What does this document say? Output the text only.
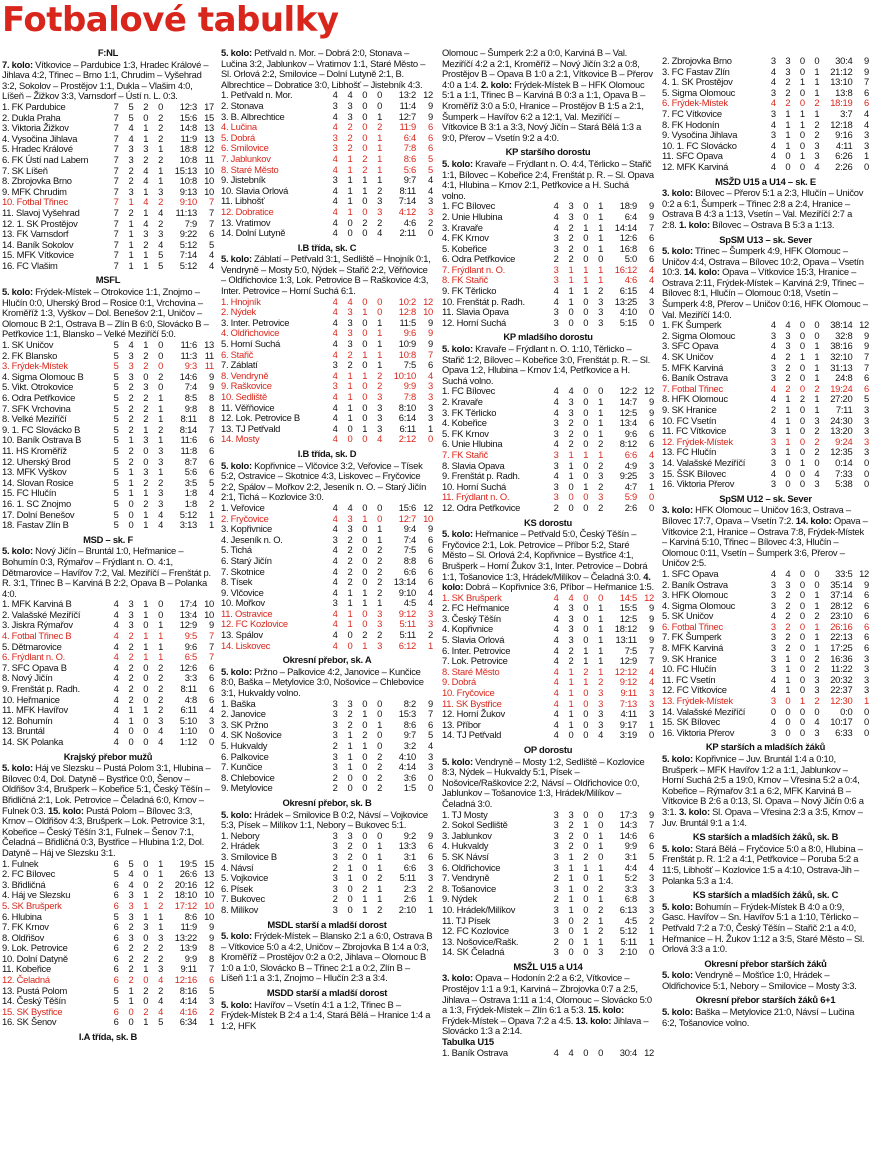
Fotbalové tabulky
F:NL
7. kolo: Vítkovice – Pardubice 1:3, Hradec Králové – Jihlava 4:2, Třinec – Brno 1:1, Chrudim – Vyšehrad 3:2, Sokolov – Prostějov 1:1, Dukla – Vlašim 4:0, Líšeň – Žižkov 3:3, Varnsdorf – Ústí n. L. 0:3.
1. FK Pardubice	7	5	2	0	12:3	17
2. Dukla Praha	7	5	0	2	15:6	15
3. Viktoria Žižkov	7	4	1	2	14:8	13
4. Vysočina Jihlava	7	4	1	2	11:9	13
5. Hradec Králové	7	3	3	1	18:8	12
6. FK Ústí nad Labem	7	3	2	2	10:8	11
7. SK Líšeň	7	2	4	1	15:13	10
8. Zbrojovka Brno	7	2	4	1	10:8	10
9. MFK Chrudim	7	3	1	3	9:13	10
10. Fotbal Třinec	7	1	4	2	9:10	7
11. Slavoj Vyšehrad	7	2	1	4	11:13	7
12. 1. SK Prostějov	7	1	4	2	7:9	7
13. FK Varnsdorf	7	1	3	3	9:22	6
14. Baník Sokolov	7	1	2	4	5:12	5
15. MFK Vítkovice	7	1	1	5	7:14	4
16. FC Vlašim	7	1	1	5	5:12	4
MSFL
5. kolo: Frýdek-Místek – Otrokovice 1:1, Znojmo – Hlučín 0:0, Uherský Brod – Rosice 0:1, Vrchovina – Kroměříž 1:3, Vyškov – Dol. Benešov 2:1, Uničov – Olomouc B 2:1, Ostrava B – Zlín B 6:0, Slovácko B – Petřkovice 1:1, Blansko – Velké Meziříčí 5:0.
1. SK Uničov	5	4	1	0	11:6	13
2. FK Blansko	5	3	2	0	11:3	11
3. Frýdek-Místek	5	3	2	0	9:3	11
4. Sigma Olomouc B	5	3	0	2	14:6	9
5. Vikt. Otrokovice	5	2	3	0	7:4	9
6. Odra Petřkovice	5	2	2	1	8:5	8
7. SFK Vrchovina	5	2	2	1	9:8	8
8. Velké Meziříčí	5	2	2	1	8:11	8
9. 1. FC Slovácko B	5	2	1	2	8:14	7
10. Baník Ostrava B	5	1	3	1	11:6	6
11. HS Kroměříž	5	2	0	3	11:8	6
12. Uherský Brod	5	2	0	3	8:7	6
13. MFK Vyškov	5	1	3	1	5:6	6
14. Slovan Rosice	5	1	2	2	3:5	5
15. FC Hlučín	5	1	1	3	1:8	4
16. 1. SC Znojmo	5	0	2	3	1:8	2
17. Dolní Benešov	5	0	1	4	5:12	1
18. Fastav Zlín B	5	0	1	4	3:13	1
MSD – sk. F
5. kolo: Nový Jičín – Bruntál 1:0, Heřmanice – Bohumín 0:3, Rýmařov – Frýdlant n. O. 4:1, Dětmarovice – Havířov 7:2, Val. Meziříčí – Frenštát p. R. 3:1, Třinec B – Karviná B 2:2, Opava B – Polanka 4:0.
1. MFK Karviná B	4	3	1	0	17:4	10
2. Valašské Meziříčí	4	3	1	0	13:4	10
3. Jiskra Rýmařov	4	3	0	1	12:9	9
4. Fotbal Třinec B	4	2	1	1	9:5	7
5. Dětmarovice	4	2	1	1	9:6	7
6. Frýdlant n. O.	4	2	1	1	6:5	7
7. SFC Opava B	4	2	0	2	12:6	6
8. Nový Jičín	4	2	0	2	3:3	6
9. Frenštát p. Radh.	4	2	0	2	8:11	6
10. Heřmanice	4	2	0	2	4:8	6
11. MFK Havířov	4	1	1	2	6:11	4
12. Bohumín	4	1	0	3	5:10	3
13. Bruntál	4	0	0	4	1:10	0
14. SK Polanka	4	0	0	4	1:12	0
Krajský přebor mužů
5. kolo: Háj ve Slezsku – Pustá Polom 3:1, Hlubina – Bílovec 0:4, Dol. Datyně – Bystřice 0:0, Šenov – Oldřišov 3:4, Brušperk – Kobeřice 5:1, Český Těšín – Břidličná 2:1, Lok. Petrovice – Čeladná 6:0, Krnov – Fulnek 0:3. 15. kolo: Pustá Polom – Bílovec 3:3, Krnov – Oldřišov 4:3, Brušperk – Lok. Petrovice 3:1, Kobeřice – Český Těšín 3:1, Fulnek – Šenov 7:1, Čeladná – Břidličná 0:3, Bystřice – Hlubina 1:2, Dol. Datyně – Háj ve Slezsku 3:1.
1. Fulnek	6	5	0	1	19:5	15
2. FC Bílovec	5	4	0	1	26:6	13
3. Břidličná	6	4	0	2	20:16	12
4. Háj ve Slezsku	6	3	1	2	18:10	10
5. SK Brušperk	6	3	1	2	17:12	10
6. Hlubina	5	3	1	1	8:6	10
7. FK Krnov	6	2	3	1	11:9	9
8. Oldřišov	6	3	0	3	13:22	9
9. Lok. Petrovice	6	2	2	2	13:9	8
10. Dolní Datyně	6	2	2	2	9:9	8
11. Kobeřice	6	2	1	3	9:11	7
12. Čeladná	6	2	0	4	12:16	6
13. Pustá Polom	5	1	2	2	8:16	5
14. Český Těšín	5	1	0	4	4:14	3
15. SK Bystřice	6	0	2	4	4:16	2
16. SK Šenov	6	0	1	5	6:34	1
I.A třída, sk. B
5. kolo: Petřvald n. Mor. – Dobrá 2:0, Stonava – Lučina 3:2, Jablunkov – Vratimov 1:1, Staré Město – Sl. Orlová 2:2, Smilovice – Dolní Lutyně 2:1, B. Albrechtice – Dobratice 3:0, Libhošť – Jistebník 4:3.
1. Petřvald n. Mor.	4	4	0	0	13:2	12
2. Stonava	3	3	0	0	11:4	9
3. B. Albrechtice	4	3	0	1	12:7	9
4. Lučina	4	2	0	2	11:9	6
5. Dobrá	3	2	0	1	6:4	6
6. Smilovice	3	2	0	1	7:8	6
7. Jablunkov	4	1	2	1	8:6	5
8. Staré Město	4	1	2	1	5:6	5
9. Jistebník	3	1	1	1	9:7	4
10. Slavia Orlová	4	1	1	2	8:11	4
11. Libhošť	4	1	0	3	7:14	3
12. Dobratice	4	1	0	3	4:12	3
13. Vratimov	4	0	2	2	4:6	2
14. Dolní Lutyně	4	0	0	4	2:11	0
I.B třída, sk. C
5. kolo: Záblatí – Petřvald 3:1, Sedliště – Hnojník 0:1, Vendryně – Mosty 5:0, Nýdek – Stařič 2:2, Věřňovice – Oldřichovice 1:3, Lok. Petrovice B – Raškovice 4:3, Inter. Petrovice – Horní Suchá 6:1.
1. Hnojník	4	4	0	0	10:2	12
2. Nýdek	4	3	1	0	12:8	10
3. Inter. Petrovice	4	3	0	1	11:5	9
4. Oldřichovice	4	3	0	1	9:6	9
5. Horní Suchá	4	3	0	1	10:9	9
6. Stařič	4	2	1	1	10:8	7
7. Záblatí	3	2	0	1	7:5	6
8. Vendryně	4	1	1	2	10:10	4
9. Raškovice	3	1	0	2	9:9	3
10. Sedliště	4	1	0	3	7:8	3
11. Věřňovice	4	1	0	3	8:10	3
12. Lok. Petrovice B	4	1	0	3	6:14	3
13. TJ Petřvald	4	0	1	3	6:11	1
14. Mosty	4	0	0	4	2:12	0
I.B třída, sk. D
5. kolo: Kopřivnice – Vlčovice 3:2, Veřovice – Tísek 5:2, Ostravice – Skotnice 4:3, Liskovec – Fryčovice 2:2, Spálov – Mořkov 2:2, Jeseník n. O. – Starý Jičín 2:1, Tichá – Kozlovice 3:0.
1. Veřovice	4	4	0	0	15:6	12
2. Fryčovice	4	3	1	0	12:7	10
3. Kopřivnice	4	3	0	1	9:4	9
4. Jeseník n. O.	3	2	0	1	7:4	6
5. Tichá	4	2	0	2	7:5	6
6. Starý Jičín	4	2	0	2	8:8	6
7. Skotnice	4	2	0	2	6:6	6
8. Tísek	4	2	0	2	13:14	6
9. Vlčovice	4	1	1	2	9:10	4
10. Mořkov	3	1	1	1	4:5	4
11. Ostravice	4	1	0	3	9:12	3
12. FC Kozlovice	4	1	0	3	5:11	3
13. Spálov	4	0	2	2	5:11	2
14. Liskovec	4	0	1	3	6:12	1
Okresní přebor, sk. A
5. kolo: Pržno – Palkovice 4:2, Janovice – Kunčice 8:0, Baška – Metylovice 3:0, Nošovice – Chlebovice 3:1, Hukvaldy volno.
1. Baška	3	3	0	0	8:2	9
2. Janovice	3	2	1	0	15:3	7
3. SK Pržno	3	2	0	1	8:6	6
4. SK Nošovice	3	1	2	0	9:7	5
5. Hukvaldy	2	1	1	0	3:2	4
6. Palkovice	3	1	0	2	4:10	3
7. Kunčice	3	1	0	2	4:14	3
8. Chlebovice	2	0	0	2	3:6	0
9. Metylovice	2	0	0	2	1:5	0
Okresní přebor, sk. B
5. kolo: Hrádek – Smilovice B 0:2, Návsí – Vojkovice 5:3, Písek – Milíkov 1:1, Nebory – Bukovec 5:1.
1. Nebory	3	3	0	0	9:2	9
2. Hrádek	3	2	0	1	13:3	6
3. Smilovice B	3	2	0	1	3:1	6
4. Návsí	2	1	0	1	6:6	3
5. Vojkovice	3	1	0	2	5:11	3
6. Písek	3	0	2	1	2:3	2
7. Bukovec	2	0	1	1	2:6	1
8. Milíkov	3	0	1	2	2:10	1
MSDL starší a mladší dorost
5. kolo: Frýdek-Místek – Blansko 2:1 a 6:0, Ostrava B – Vítkovice 5:0 a 4:2, Uničov – Zbrojovka B 1:4 a 0:3, Kroměříž – Prostějov 0:2 a 0:2, Jihlava – Olomouc B 1:0 a 1:0, Slovácko B – Třinec 2:1 a 0:2, Zlín B – Líšeň 1:1 a 3:1, Znojmo – Hlučín 2:3 a 3:4.
MSDD starší a mladší dorost
5. kolo: Havířov – Vsetín 4:1 a 1:2, Třinec B – Frýdek-Místek B 2:4 a 1:4, Stará Bělá – Hranice 1:4 a 1:2, HFK
Olomouc – Šumperk 2:2 a 0:0, Karviná B – Val. Meziříčí 4:2 a 2:1, Kroměříž – Nový Jičín 3:2 a 0:8, Prostějov B – Opava B 1:0 a 2:1, Vítkovice B – Přerov 4:0 a 1:4. 2. kolo: Frýdek-Místek B – HFK Olomouc 5:1 a 1:1, Třinec B – Karviná B 0:3 a 1:1, Opava B – Kroměříž 3:0 a 5:0, Hranice – Prostějov B 1:5 a 2:1, Šumperk – Havířov 6:2 a 12:1, Val. Meziříčí – Vítkovice B 3:1 a 3:3, Nový Jičín – Stará Bělá 1:3 a 9:0, Přerov – Vsetín 9:2 a 4:0.
KP staršího dorostu
5. kolo: Kravaře – Frýdlant n. O. 4:4, Těrlicko – Stařič 1:1, Bílovec – Kobeřice 2:4, Frenštát p. R. – Sl. Opava 4:1, Hlubina – Krnov 2:1, Petřkovice a H. Suchá volno.
1. FC Bílovec	4	3	0	1	18:9	9
2. Unie Hlubina	4	3	0	1	6:4	9
3. Kravaře	4	2	1	1	14:14	7
4. FK Krnov	3	2	0	1	12:6	6
5. Kobeřice	3	2	0	1	16:8	6
6. Odra Petřkovice	2	2	0	0	5:0	6
7. Frýdlant n. O.	3	1	1	1	16:12	4
8. FK Stařič	3	1	1	1	4:6	4
9. FK Těrlicko	4	1	1	2	6:15	4
10. Frenštát p. Radh.	4	1	0	3	13:25	3
11. Slavia Opava	3	0	0	3	4:10	0
12. Horní Suchá	3	0	0	3	5:15	0
KP mladšího dorostu
5. kolo: Kravaře – Frýdlant n. O. 1:10, Těrlicko – Stařič 1:2, Bílovec – Kobeřice 3:0, Frenštát p. R. – Sl. Opava 1:2, Hlubina – Krnov 1:4, Petřkovice a H. Suchá volno.
1. FC Bílovec	4	4	0	0	12:2	12
2. Kravaře	4	3	0	1	14:7	9
3. FK Těrlicko	4	3	0	1	12:5	9
4. Kobeřice	3	2	0	1	13:4	6
5. FK Krnov	3	2	0	1	9:6	6
6. Unie Hlubina	4	2	0	2	8:12	6
7. FK Stařič	3	1	1	1	6:6	4
8. Slavia Opava	3	1	0	2	4:9	3
9. Frenštát p. Radh.	4	1	0	3	9:25	3
10. Horní Suchá	3	0	1	2	4:7	1
11. Frýdlant n. O.	3	0	0	3	5:9	0
12. Odra Petřkovice	2	0	0	2	2:6	0
KS dorostu
5. kolo: Heřmanice – Petřvald 5:0, Český Těšín – Fryčovice 2:1, Lok. Petrovice – Příbor 5:2, Staré Město – Sl. Orlová 2:4, Kopřivnice – Bystřice 4:1, Brušperk – Horní Žukov 3:1, Inter. Petrovice – Dobrá 1:1, Tošanovice 1:3, Hrádek/Milíkov – Čeladná 3:0. 4. kolo: Dobrá – Kopřivnice 3:6, Příbor – Heřmanice 1:5.
1. SK Brušperk	4	4	0	0	14:5	12
2. FC Heřmanice	4	3	0	1	15:5	9
3. Český Těšín	4	3	0	1	12:5	9
4. Kopřivnice	4	3	0	1	18:12	9
5. Slavia Orlová	4	3	0	1	13:11	9
6. Inter. Petrovice	4	2	1	1	7:5	7
7. Lok. Petrovice	4	2	1	1	12:9	7
8. Staré Město	4	1	2	1	12:12	4
9. Dobrá	4	1	1	2	9:12	4
10. Fryčovice	4	1	0	3	9:11	3
11. SK Bystřice	4	1	0	3	7:13	3
12. Horní Žukov	4	1	0	3	4:11	3
13. Příbor	4	1	0	3	9:17	1
14. TJ Petřvald	4	0	0	4	3:19	0
OP dorostu
5. kolo: Vendryně – Mosty 1:2, Sedliště – Kozlovice 8:3, Nýdek – Hukvaldy 5:1, Písek – Nošovice/Raškovice 2:2, Návsí – Oldřichovice 0:0, Jablunkov – Tošanovice 1:3, Hrádek/Milíkov – Čeladná 3:0.
1. TJ Mosty	3	3	0	0	17:3	9
2. Sokol Sedliště	3	2	1	0	14:3	7
3. Jablunkov	3	2	0	1	14:6	6
4. Hukvaldy	3	2	0	1	9:9	6
5. SK Návsí	3	1	2	0	3:1	5
6. Oldřichovice	3	1	1	1	4:4	4
7. Vendryně	2	1	0	1	5:2	3
8. Tošanovice	3	1	0	2	3:3	3
9. Nýdek	2	1	0	1	6:8	3
10. Hrádek/Milíkov	3	1	0	2	6:13	3
11. TJ Písek	3	0	2	1	4:5	2
12. FC Kozlovice	3	0	1	2	5:12	1
13. Nošovice/Rašk.	2	0	1	1	5:11	1
14. SK Čeladná	3	0	0	3	2:10	0
MSŽL U15 a U14
3. kolo: Opava – Hodonín 2:2 a 6:2, Vítkovice – Prostějov 1:1 a 9:1, Karviná – Zbrojovka 0:7 a 2:5, Jihlava – Ostrava 1:11 a 1:4, Olomouc – Slovácko 5:0 a 1:3, Frýdek-Místek – Zlín 6:1 a 5:3. 15. kolo: Frýdek-Místek – Opava 7:2 a 4:5. 13. kolo: Jihlava – Slovácko 1:3 a 2:14.
Tabulka U15
1. Baník Ostrava	4	4	0	0	30:4	12
2. Zbrojovka Brno	3	3	0	0	30:4	9
3. FC Fastav Zlín	4	3	0	1	21:12	9
4. 1. SK Prostějov	4	2	1	1	13:10	7
5. Sigma Olomouc	3	2	0	1	13:8	6
6. Frýdek-Místek	4	2	0	2	18:19	6
7. FC Vítkovice	3	1	1	1	3:7	4
8. FK Hodonín	4	1	1	2	12:18	4
9. Vysočina Jihlava	3	1	0	2	9:16	3
10. 1. FC Slovácko	4	1	0	3	4:11	3
11. SFC Opava	4	0	1	3	6:26	1
12. MFK Karviná	4	0	0	4	2:26	0
MSŽD U15 a U14 – sk. E
3. kolo: Bílovec – Přerov 5:1 a 2:3, Hlučín – Uničov 0:2 a 6:1, Šumperk – Třinec 2:8 a 2:4, Hranice – Ostrava B 4:3 a 1:13, Vsetín – Val. Meziříčí 2:7 a 2:8. 1. kolo: Bílovec – Ostrava B 5:3 a 1:13.
SpSM U13 – sk. Sever
5. kolo: Třinec – Šumperk 4:9, HFK Olomouc – Uničov 4:4, Ostrava – Bílovec 10:2, Opava – Vsetín 10:3. 14. kolo: Opava – Vítkovice 15:3, Hranice – Ostrava 2:11, Frýdek-Místek – Karviná 2:9, Třinec – Bílovec 8:1, Hlučín – Olomouc 0:18, Vsetín – Šumperk 4:8, Přerov – Uničov 0:16, HFK Olomouc – Val. Meziříčí 14:0.
1. FK Šumperk	4	4	0	0	38:14	12
2. Sigma Olomouc	3	3	0	0	32:8	9
3. SFC Opava	4	3	0	1	38:16	9
4. SK Uničov	4	2	1	1	32:10	7
5. MFK Karviná	3	2	0	1	31:13	7
6. Baník Ostrava	3	2	0	1	24:8	6
7. Fotbal Třinec	4	2	0	2	19:24	6
8. HFK Olomouc	4	1	2	1	27:20	5
9. SK Hranice	2	1	0	1	7:11	3
10. FC Vsetín	4	1	0	3	24:30	3
11. FC Vítkovice	3	1	0	2	13:20	3
12. Frýdek-Místek	3	1	0	2	9:24	3
13. FC Hlučín	3	1	0	2	12:35	3
14. Valašské Meziříčí	3	0	1	0	0:14	0
15. ŠSK Bílovec	4	0	0	4	7:33	0
16. Viktoria Přerov	3	0	0	3	5:38	0
SpSM U12 – sk. Sever
3. kolo: HFK Olomouc – Uničov 16:3, Ostrava – Bílovec 17:7, Opava – Vsetín 7:2. 14. kolo: Opava – Vítkovice 2:1, Hranice – Ostrava 7:8, Frýdek-Místek – Karviná 5:10, Třinec – Bílovec 4:3, Hlučín – Olomouc 0:11, Vsetín – Šumperk 3:6, Přerov – Uničov 2:5.
1. SFC Opava	4	4	0	0	33:5	12
2. Baník Ostrava	3	3	0	0	35:14	9
3. HFK Olomouc	3	2	0	1	37:14	6
4. Sigma Olomouc	3	2	0	1	28:12	6
5. SK Uničov	4	2	0	2	23:10	6
6. Fotbal Třinec	3	2	0	1	26:16	6
7. FK Šumperk	3	2	0	1	22:13	6
8. MFK Karviná	3	2	0	1	17:25	6
9. SK Hranice	3	1	0	2	16:36	3
10. FC Hlučín	3	1	0	2	11:22	3
11. FC Vsetín	4	1	0	3	20:32	3
12. FC Vítkovice	4	1	0	3	22:37	3
13. Frýdek-Místek	3	0	1	2	12:30	1
14. Valašské Meziříčí	0	0	0	0	0:0	0
15. SK Bílovec	4	0	0	4	10:17	0
16. Viktoria Přerov	3	0	0	3	6:33	0
KP starších a mladších žáků
5. kolo: Kopřivnice – Juv. Bruntál 1:4 a 0:10, Brušperk – MFK Havířov 1:2 a 1:1, Jablunkov – Horní Suchá 2:5 a 19:0, Krnov – Vřesina 5:2 a 0:4, Kobeřice – Rýmařov 3:1 a 6:2, MFK Karviná B – Vítkovice B 2:6 a 0:13, Sl. Opava – Nový Jičín 0:6 a 3:1. 3. kolo: Sl. Opava – Vřesina 2:3 a 3:5, Krnov – Juv. Bruntál 9:1 a 1:4.
KS starších a mladších žáků, sk. B
5. kolo: Stará Bělá – Fryčovice 5:0 a 8:0, Hlubina – Frenštát p. R. 1:2 a 4:1, Petřkovice – Poruba 5:2 a 11:5, Libhošť – Kozlovice 1:5 a 4:10, Ostrava-Jih – Polanka 5:3 a 1:4.
KS starších a mladších žáků, sk. C
5. kolo: Bohumín – Frýdek-Místek B 4:0 a 0:9, Gasc. Havířov – Sn. Havířov 5:1 a 1:10, Těrlicko – Petřvald 7:2 a 7:0, Český Těšín – Stařič 2:1 a 4:0, Heřmanice – H. Žukov 1:12 a 3:5, Staré Město – Sl. Orlová 3:3 a 1:0.
Okresní přebor starších žáků
5. kolo: Vendryně – Mošťice 1:0, Hrádek – Oldřichovice 5:1, Nebory – Smilovice – Mosty 3:3.
Okresní přebor starších žáků 6+1
5. kolo: Baška – Metylovice 21:0, Návsí – Lučina 6:2, Tošanovice volno.
